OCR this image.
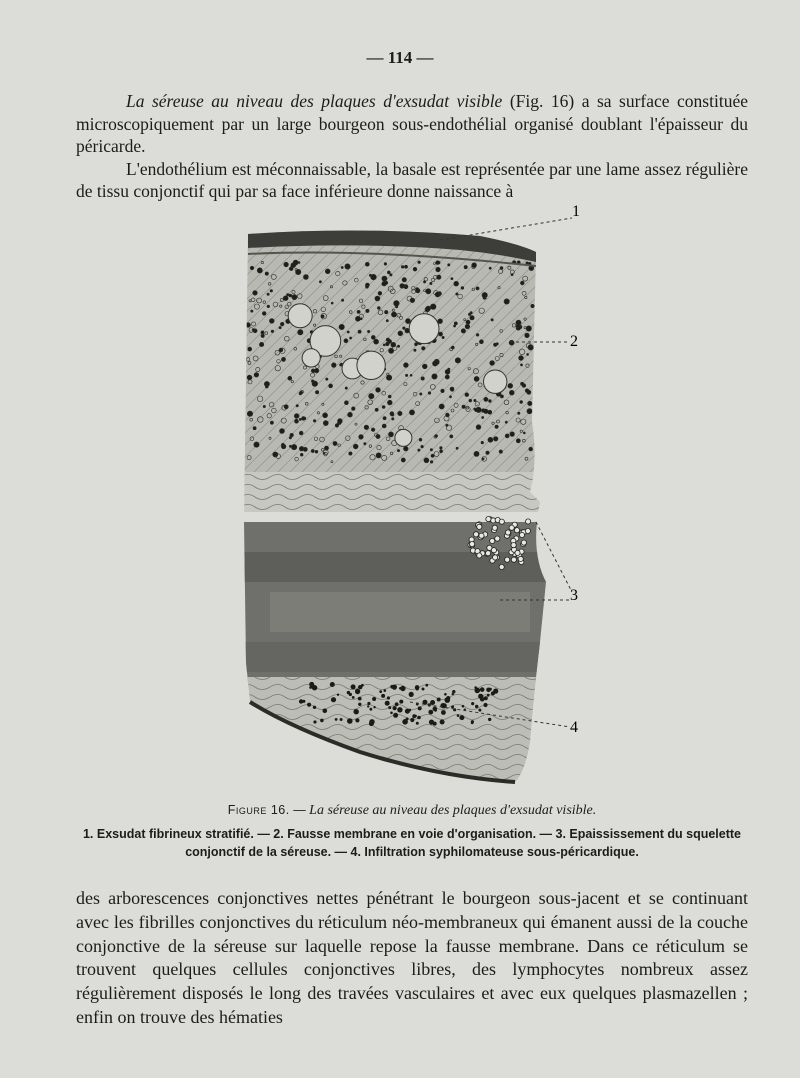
— 114 —

La séreuse au niveau des plaques d'exsudat visible (Fig. 16) a sa surface constituée microscopiquement par un large bourgeon sous-endothélial organisé doublant l'épaisseur du péricarde.

L'endothélium est méconnaissable, la basale est représentée par une lame assez régulière de tissu conjonctif qui par sa face inférieure donne naissance à

1
2
3
4
Figure 16. — La séreuse au niveau des plaques d'exsudat visible.
1. Exsudat fibrineux stratifié. — 2. Fausse membrane en voie d'organisation. — 3. Epaississement du squelette conjonctif de la séreuse. — 4. Infiltration syphilomateuse sous-péricardique.

des arborescences conjonctives nettes pénétrant le bourgeon sous-jacent et se continuant avec les fibrilles conjonctives du réticulum néo-membraneux qui émanent aussi de la couche conjonctive de la séreuse sur laquelle repose la fausse membrane. Dans ce réticulum se trouvent quelques cellules conjonctives libres, des lymphocytes nombreux assez régulièrement disposés le long des travées vasculaires et avec eux quelques plasmazellen ; enfin on trouve des hématies
